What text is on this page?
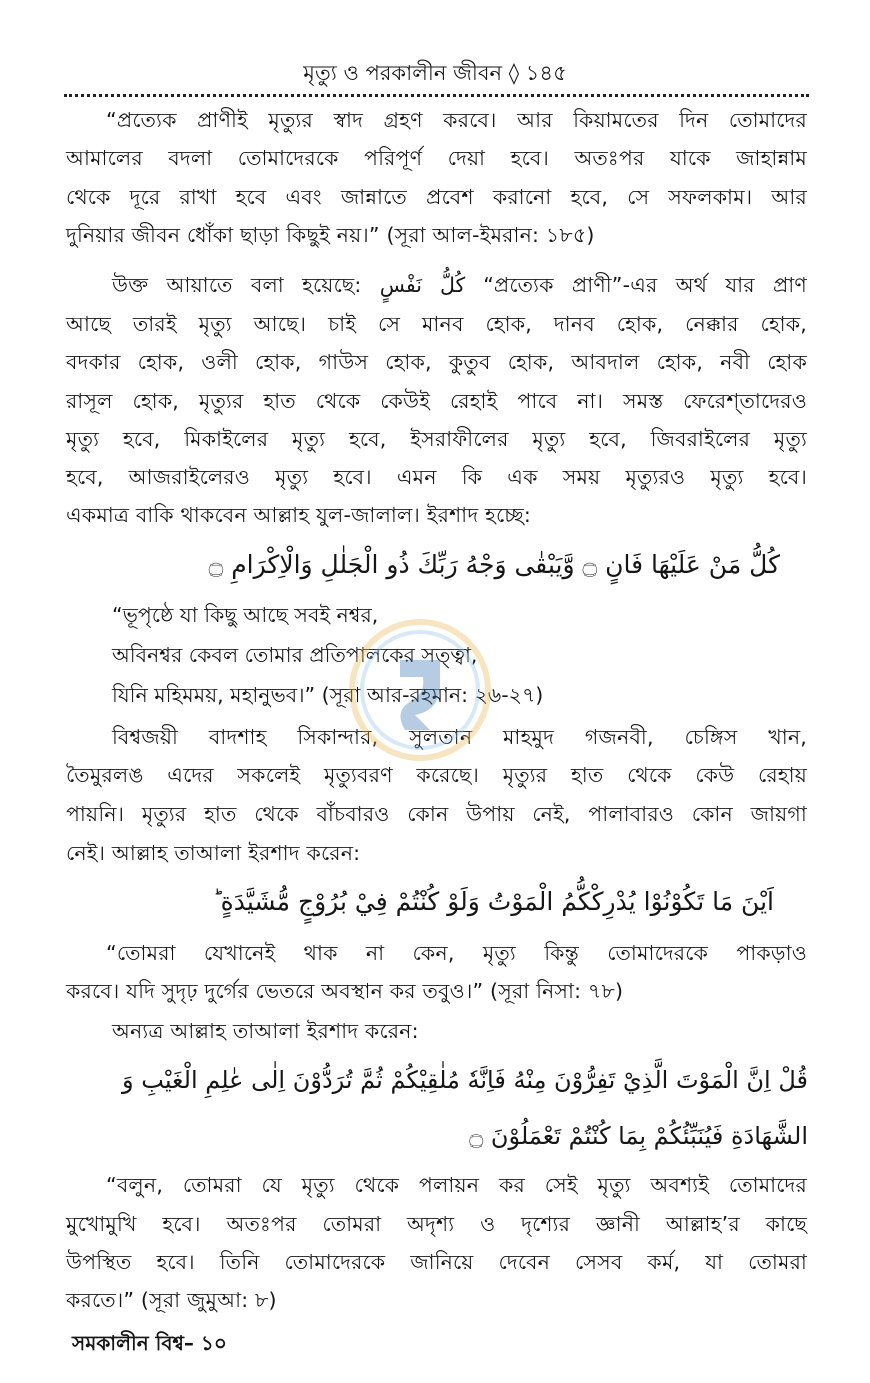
মৃত্যু ও পরকালীন জীবন ◊ ১৪৫
“প্রত্যেক প্রাণীই মৃত্যুর স্বাদ গ্রহণ করবে। আর কিয়ামতের দিন তোমাদের
আমালের বদলা তোমাদেরকে পরিপূর্ণ দেয়া হবে। অতঃপর যাকে জাহান্নাম
থেকে দূরে রাখা হবে এবং জান্নাতে প্রবেশ করানো হবে, সে সফলকাম। আর
দুনিয়ার জীবন ধোঁকা ছাড়া কিছুই নয়।” (সূরা আল-ইমরান: ১৮৫)
উক্ত আয়াতে বলা হয়েছে: كُلُّ نَفْسٍ “প্রত্যেক প্রাণী”-এর অর্থ যার প্রাণ
আছে তারই মৃত্যু আছে। চাই সে মানব হোক, দানব হোক, নেক্কার হোক,
বদকার হোক, ওলী হোক, গাউস হোক, কুতুব হোক, আবদাল হোক, নবী হোক
রাসূল হোক, মৃত্যুর হাত থেকে কেউই রেহাই পাবে না। সমস্ত ফেরেশ্‌তাদেরও
মৃত্যু হবে, মিকাইলের মৃত্যু হবে, ইসরাফীলের মৃত্যু হবে, জিবরাইলের মৃত্যু
হবে, আজরাইলেরও মৃত্যু হবে। এমন কি এক সময় মৃত্যুরও মৃত্যু হবে।
একমাত্র বাকি থাকবেন আল্লাহ যুল-জালাল। ইরশাদ হচ্ছে:
كُلُّ مَنْ عَلَيْهَا فَانٍ ۝ وَّيَبْقٰى وَجْهُ رَبِّكَ ذُو الْجَلٰلِ وَالْاِكْرَامِ ۝
“ভূপৃষ্ঠে যা কিছু আছে সবই নশ্বর,
অবিনশ্বর কেবল তোমার প্রতিপালকের সত্ত্বা,
যিনি মহিমময়, মহানুভব।” (সূরা আর-রহমান: ২৬-২৭)
বিশ্বজয়ী বাদশাহ সিকান্দার, সুলতান মাহমুদ গজনবী, চেঙ্গিস খান,
তৈমুরলঙ এদের সকলেই মৃত্যুবরণ করেছে। মৃত্যুর হাত থেকে কেউ রেহায়
পায়নি। মৃত্যুর হাত থেকে বাঁচবারও কোন উপায় নেই, পালাবারও কোন জায়গা
নেই। আল্লাহ তাআলা ইরশাদ করেন:
اَيْنَ مَا تَكُوْنُوْا يُدْرِكْكُّمُ الْمَوْتُ وَلَوْ كُنْتُمْ فِيْ بُرُوْجٍ مُّشَيَّدَةٍ ؕ
“তোমরা যেখানেই থাক না কেন, মৃত্যু কিন্তু তোমাদেরকে পাকড়াও
করবে। যদি সুদৃঢ় দুর্গের ভেতরে অবস্থান কর তবুও।” (সূরা নিসা: ৭৮)
অন্যত্র আল্লাহ তাআলা ইরশাদ করেন:
قُلْ اِنَّ الْمَوْتَ الَّذِيْ تَفِرُّوْنَ مِنْهُ فَاِنَّهٗ مُلٰقِيْكُمْ ثُمَّ تُرَدُّوْنَ اِلٰى عٰلِمِ الْغَيْبِ وَ
الشَّهَادَةِ فَيُنَبِّئُكُمْ بِمَا كُنْتُمْ تَعْمَلُوْنَ ۝
“বলুন, তোমরা যে মৃত্যু থেকে পলায়ন কর সেই মৃত্যু অবশ্যই তোমাদের
মুখোমুখি হবে। অতঃপর তোমরা অদৃশ্য ও দৃশ্যের জ্ঞানী আল্লাহ’র কাছে
উপস্থিত হবে। তিনি তোমাদেরকে জানিয়ে দেবেন সেসব কর্ম, যা তোমরা
করতে।” (সূরা জুমুআ: ৮)
সমকালীন বিশ্ব– ১০
